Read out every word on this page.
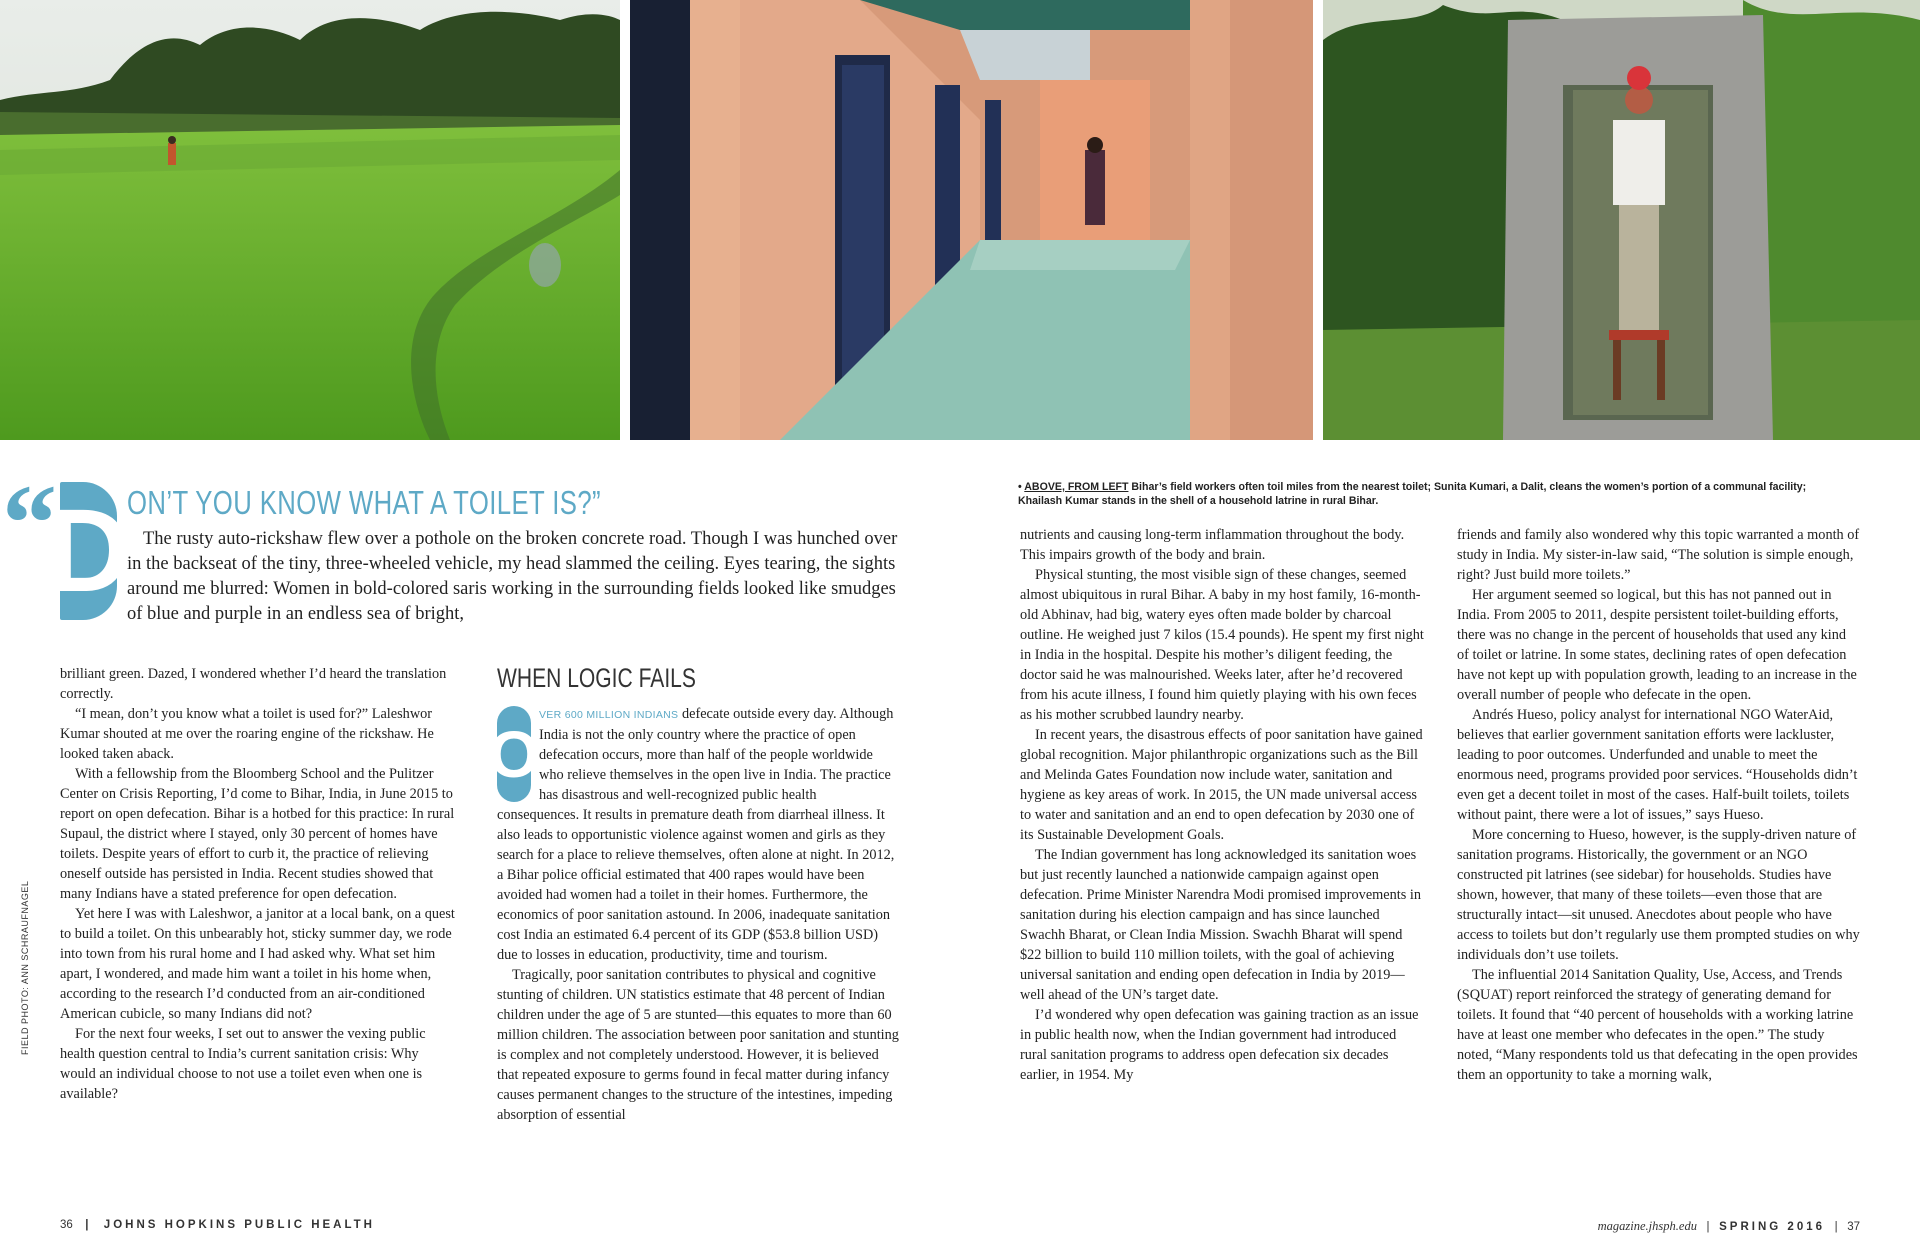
FIELD PHOTO: ANN SCHRAUFNAGEL
“
D
ON’T YOU KNOW WHAT A TOILET IS?”

The rusty auto-rickshaw flew over a pothole on the broken concrete road. Though I was hunched over in the backseat of the tiny, three-wheeled vehicle, my head slammed the ceiling. Eyes tearing, the sights around me blurred: Women in bold-colored saris working in the surrounding fields looked like smudges of blue and purple in an endless sea of bright,

• ABOVE, FROM LEFT Bihar’s field workers often toil miles from the nearest toilet; Sunita Kumari, a Dalit, cleans the women’s portion of a communal facility; Khailash Kumar stands in the shell of a household latrine in rural Bihar.

brilliant green. Dazed, I wondered whether I’d heard the translation correctly.

“I mean, don’t you know what a toilet is used for?” Laleshwor Kumar shouted at me over the roaring engine of the rickshaw. He looked taken aback.

With a fellowship from the Bloomberg School and the Pulitzer Center on Crisis Reporting, I’d come to Bihar, India, in June 2015 to report on open defecation. Bihar is a hotbed for this practice: In rural Supaul, the district where I stayed, only 30 percent of homes have toilets. Despite years of effort to curb it, the practice of relieving oneself outside has persisted in India. Recent studies showed that many Indians have a stated preference for open defecation.

Yet here I was with Laleshwor, a janitor at a local bank, on a quest to build a toilet. On this unbearably hot, sticky summer day, we rode into town from his rural home and I had asked why. What set him apart, I wondered, and made him want a toilet in his home when, according to the research I’d conducted from an air-conditioned American cubicle, so many Indians did not?

For the next four weeks, I set out to answer the vexing public health question central to India’s current sanitation crisis: Why would an individual choose to not use a toilet even when one is available?

WHEN LOGIC FAILS

O
VER 600 MILLION INDIANS defecate outside every day. Although India is not the only country where the practice of open defecation occurs, more than half of the people worldwide who relieve themselves in the open live in India. The practice has disastrous and well-recognized public health consequences. It results in premature death from diarrheal illness. It also leads to opportunistic violence against women and girls as they search for a place to relieve themselves, often alone at night. In 2012, a Bihar police official estimated that 400 rapes would have been avoided had women had a toilet in their homes. Furthermore, the economics of poor sanitation astound. In 2006, inadequate sanitation cost India an estimated 6.4 percent of its GDP ($53.8 billion USD) due to losses in education, productivity, time and tourism.

Tragically, poor sanitation contributes to physical and cognitive stunting of children. UN statistics estimate that 48 percent of Indian children under the age of 5 are stunted—this equates to more than 60 million children. The association between poor sanitation and stunting is complex and not completely understood. However, it is believed that repeated exposure to germs found in fecal matter during infancy causes permanent changes to the structure of the intestines, impeding absorption of essential

nutrients and causing long-term inflammation throughout the body. This impairs growth of the body and brain.

Physical stunting, the most visible sign of these changes, seemed almost ubiquitous in rural Bihar. A baby in my host family, 16-month-old Abhinav, had big, watery eyes often made bolder by charcoal outline. He weighed just 7 kilos (15.4 pounds). He spent my first night in India in the hospital. Despite his mother’s diligent feeding, the doctor said he was malnourished. Weeks later, after he’d recovered from his acute illness, I found him quietly playing with his own feces as his mother scrubbed laundry nearby.

In recent years, the disastrous effects of poor sanitation have gained global recognition. Major philanthropic organizations such as the Bill and Melinda Gates Foundation now include water, sanitation and hygiene as key areas of work. In 2015, the UN made universal access to water and sanitation and an end to open defecation by 2030 one of its Sustainable Development Goals.

The Indian government has long acknowledged its sanitation woes but just recently launched a nationwide campaign against open defecation. Prime Minister Narendra Modi promised improvements in sanitation during his election campaign and has since launched Swachh Bharat, or Clean India Mission. Swachh Bharat will spend $22 billion to build 110 million toilets, with the goal of achieving universal sanitation and ending open defecation in India by 2019—well ahead of the UN’s target date.

I’d wondered why open defecation was gaining traction as an issue in public health now, when the Indian government had introduced rural sanitation programs to address open defecation six decades earlier, in 1954. My

friends and family also wondered why this topic warranted a month of study in India. My sister-in-law said, “The solution is simple enough, right? Just build more toilets.”

Her argument seemed so logical, but this has not panned out in India. From 2005 to 2011, despite persistent toilet-building efforts, there was no change in the percent of households that used any kind of toilet or latrine. In some states, declining rates of open defecation have not kept up with population growth, leading to an increase in the overall number of people who defecate in the open.

Andrés Hueso, policy analyst for international NGO WaterAid, believes that earlier government sanitation efforts were lackluster, leading to poor outcomes. Underfunded and unable to meet the enormous need, programs provided poor services. “Households didn’t even get a decent toilet in most of the cases. Half-built toilets, toilets without paint, there were a lot of issues,” says Hueso.

More concerning to Hueso, however, is the supply-driven nature of sanitation programs. Historically, the government or an NGO constructed pit latrines (see sidebar) for households. Studies have shown, however, that many of these toilets—even those that are structurally intact—sit unused. Anecdotes about people who have access to toilets but don’t regularly use them prompted studies on why individuals don’t use toilets.

The influential 2014 Sanitation Quality, Use, Access, and Trends (SQUAT) report reinforced the strategy of generating demand for toilets. It found that “40 percent of households with a working latrine have at least one member who defecates in the open.” The study noted, “Many respondents told us that defecating in the open provides them an opportunity to take a morning walk,

36 | JOHNS HOPKINS PUBLIC HEALTH	magazine.jhsph.edu | SPRING 2016 | 37
